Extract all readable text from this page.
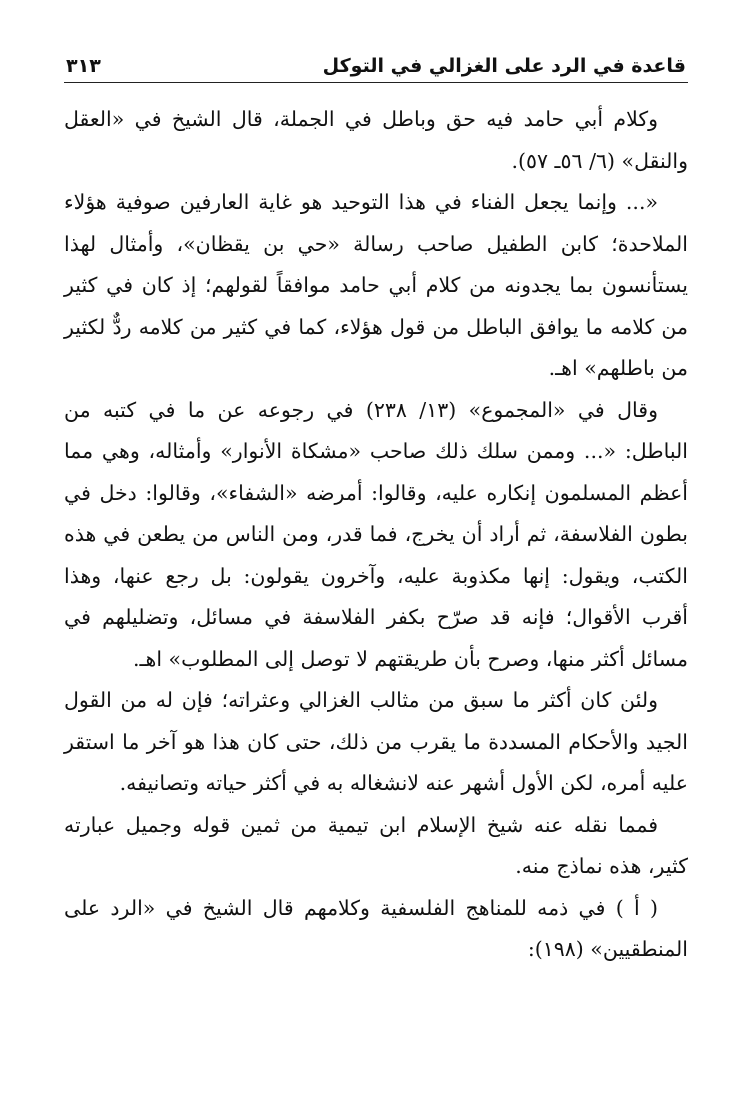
قاعدة في الرد على الغزالي في التوكل
٣١٣

وكلام أبي حامد فيه حق وباطل في الجملة، قال الشيخ في «العقل والنقل» (٦/ ٥٦ـ ٥٧).

«... وإنما يجعل الفناء في هذا التوحيد هو غاية العارفين صوفية هؤلاء الملاحدة؛ كابن الطفيل صاحب رسالة «حي بن يقظان»، وأمثال لهذا يستأنسون بما يجدونه من كلام أبي حامد موافقاً لقولهم؛ إذ كان في كثير من كلامه ما يوافق الباطل من قول هؤلاء، كما في كثير من كلامه ردٌّ لكثير من باطلهم» اهـ.

وقال في «المجموع» (١٣/ ٢٣٨) في رجوعه عن ما في كتبه من الباطل: «... وممن سلك ذلك صاحب «مشكاة الأنوار» وأمثاله، وهي مما أعظم المسلمون إنكاره عليه، وقالوا: أمرضه «الشفاء»، وقالوا: دخل في بطون الفلاسفة، ثم أراد أن يخرج، فما قدر، ومن الناس من يطعن في هذه الكتب، ويقول: إنها مكذوبة عليه، وآخرون يقولون: بل رجع عنها، وهذا أقرب الأقوال؛ فإنه قد صرّح بكفر الفلاسفة في مسائل، وتضليلهم في مسائل أكثر منها، وصرح بأن طريقتهم لا توصل إلى المطلوب» اهـ.

ولئن كان أكثر ما سبق من مثالب الغزالي وعثراته؛ فإن له من القول الجيد والأحكام المسددة ما يقرب من ذلك، حتى كان هذا هو آخر ما استقر عليه أمره، لكن الأول أشهر عنه لانشغاله به في أكثر حياته وتصانيفه.

فمما نقله عنه شيخ الإسلام ابن تيمية من ثمين قوله وجميل عبارته كثير، هذه نماذج منه.

( أ ) في ذمه للمناهج الفلسفية وكلامهم قال الشيخ في «الرد على المنطقيين» (١٩٨):
